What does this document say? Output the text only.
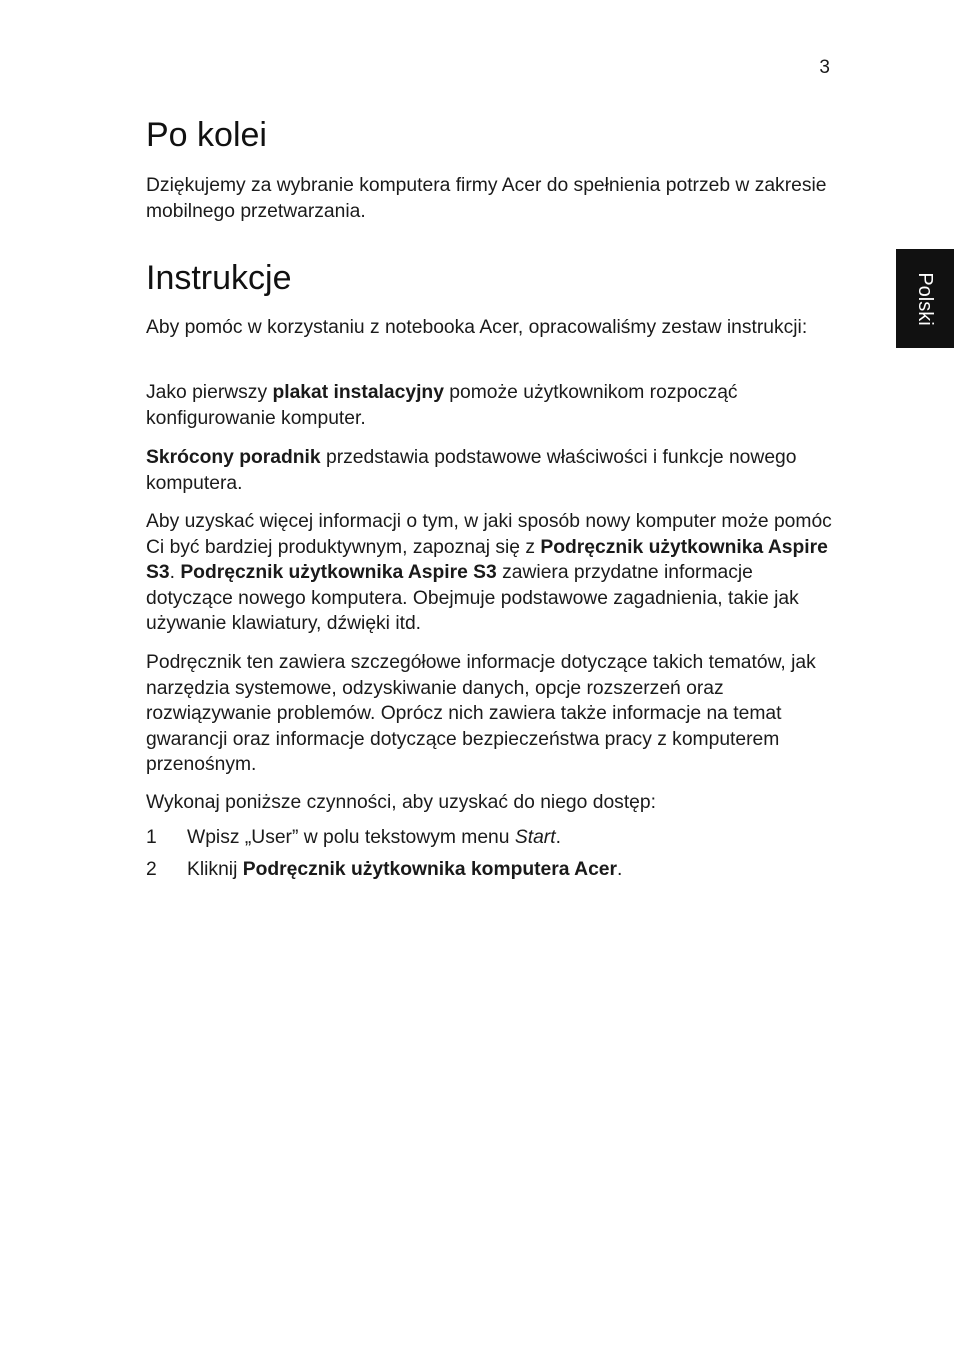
3
Polski
Po kolei

Dziękujemy za wybranie komputera firmy Acer do spełnienia potrzeb w zakresie mobilnego przetwarzania.

Instrukcje

Aby pomóc w korzystaniu z notebooka Acer, opracowaliśmy zestaw instrukcji:

Jako pierwszy plakat instalacyjny pomoże użytkownikom rozpocząć konfigurowanie komputer.

Skrócony poradnik przedstawia podstawowe właściwości i funkcje nowego komputera.

Aby uzyskać więcej informacji o tym, w jaki sposób nowy komputer może pomóc Ci być bardziej produktywnym, zapoznaj się z Podręcznik użytkownika Aspire S3. Podręcznik użytkownika Aspire S3 zawiera przydatne informacje dotyczące nowego komputera. Obejmuje podstawowe zagadnienia, takie jak używanie klawiatury, dźwięki itd.

Podręcznik ten zawiera szczegółowe informacje dotyczące takich tematów, jak narzędzia systemowe, odzyskiwanie danych, opcje rozszerzeń oraz rozwiązywanie problemów. Oprócz nich zawiera także informacje na temat gwarancji oraz informacje dotyczące bezpieczeństwa pracy z komputerem przenośnym.

Wykonaj poniższe czynności, aby uzyskać do niego dostęp:

1 Wpisz „User” w polu tekstowym menu Start.
2 Kliknij Podręcznik użytkownika komputera Acer.
